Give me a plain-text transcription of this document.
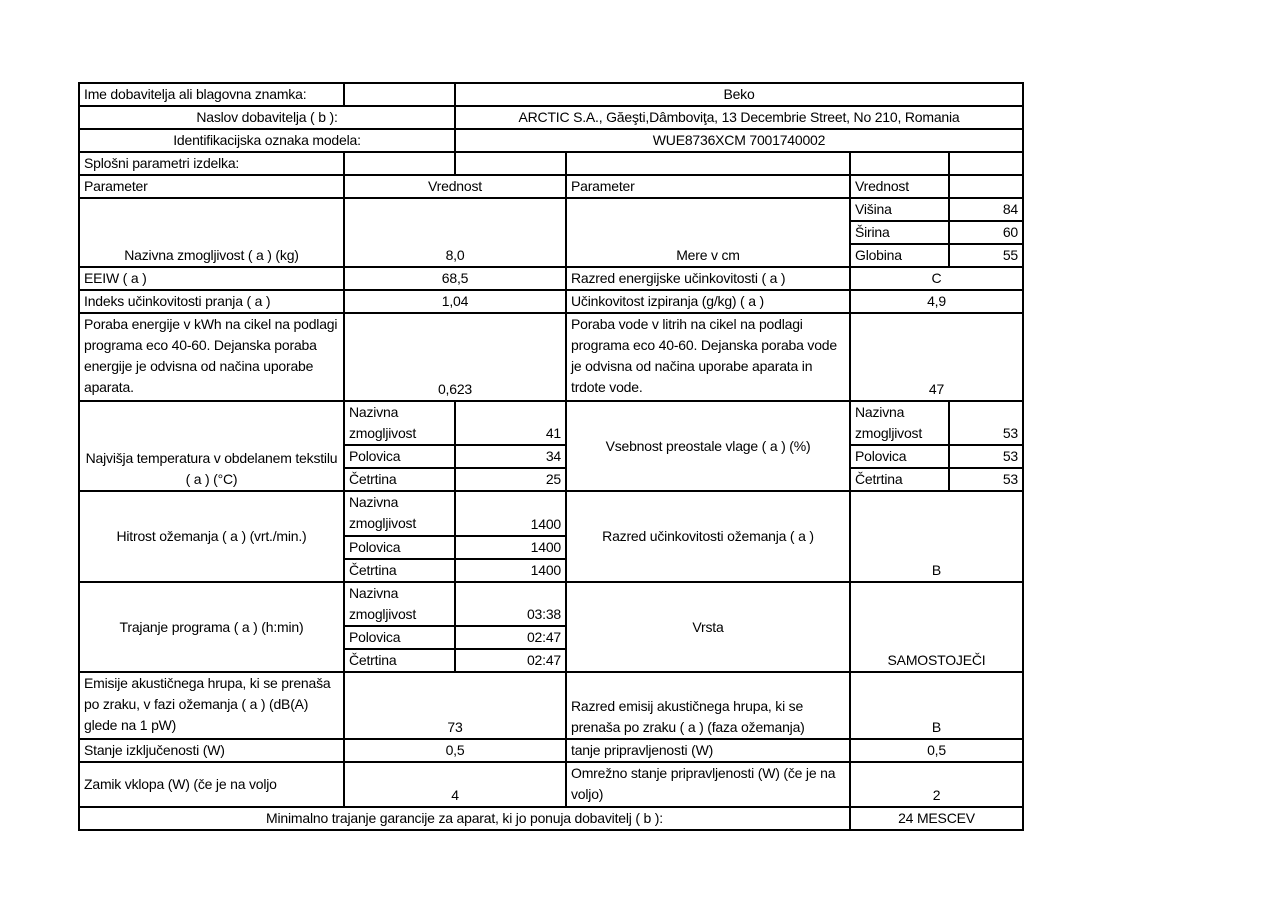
Ime dobavitelja ali blagovna znamka:		Beko			
Naslov dobavitelja ( b ):		ARCTIC S.A., Găeşti,Dâmboviţa, 13 Decembrie Street, No 210, Romania			
Identifikacijska oznaka modela:		WUE8736XCM 7001740002			
Splošni parametri izdelka:					
Parameter	Vrednost		Parameter	Vrednost	
Nazivna zmogljivost ( a ) (kg)	8,0		Mere v cm	Višina	84
				Širina	60
				Globina	55
EEIW ( a )	68,5		Razred energijske učinkovitosti ( a )	C	
Indeks učinkovitosti pranja ( a )	1,04		Učinkovitost izpiranja (g/kg) ( a )	4,9	
Poraba energije v kWh na cikel na podlagi programa eco 40-60. Dejanska poraba energije je odvisna od načina uporabe aparata.	0,623		Poraba vode v litrih na cikel na podlagi programa eco 40-60. Dejanska poraba vode je odvisna od načina uporabe aparata in trdote vode.	47	
Najvišja temperatura v obdelanem tekstilu ( a ) (°C)	Nazivna zmogljivost	41	Vsebnost preostale vlage ( a ) (%)	Nazivna zmogljivost	53
	Polovica	34		Polovica	53
	Četrtina	25		Četrtina	53
Hitrost ožemanja ( a ) (vrt./min.)	Nazivna zmogljivost	1400	Razred učinkovitosti ožemanja ( a )	B	
	Polovica	1400			
	Četrtina	1400			
Trajanje programa ( a ) (h:min)	Nazivna zmogljivost	03:38	Vrsta	SAMOSTOJEČI	
	Polovica	02:47			
	Četrtina	02:47			
Emisije akustičnega hrupa, ki se prenaša po zraku, v fazi ožemanja ( a ) (dB(A) glede na 1 pW)	73		Razred emisij akustičnega hrupa, ki se prenaša po zraku ( a ) (faza ožemanja)	B	
Stanje izključenosti (W)	0,5		tanje pripravljenosti (W)	0,5	
Zamik vklopa (W) (če je na voljo	4		Omrežno stanje pripravljenosti (W) (če je na voljo)	2	
Minimalno trajanje garancije za aparat, ki jo ponuja dobavitelj ( b ):				24 MESCEV	
